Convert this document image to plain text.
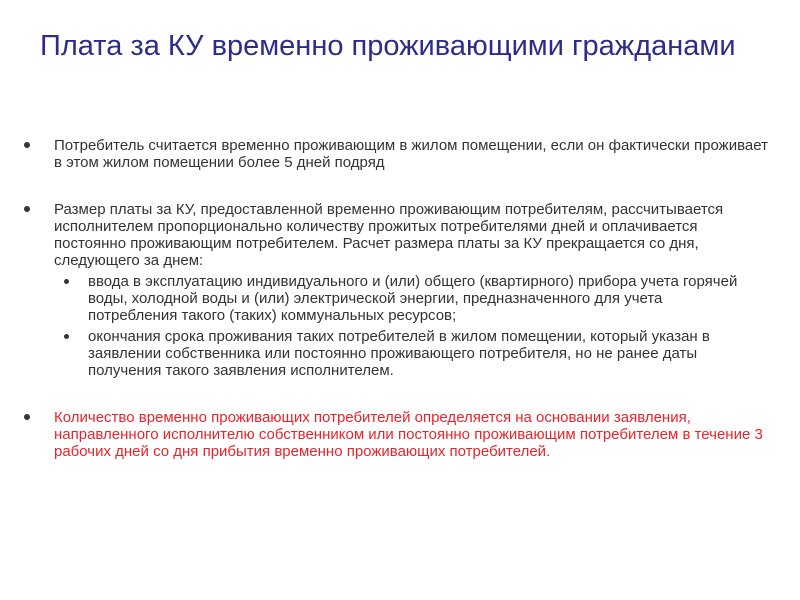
Плата за КУ временно проживающими гражданами
Потребитель считается временно проживающим в жилом помещении, если он фактически проживает в этом жилом помещении более 5 дней подряд
Размер платы за КУ, предоставленной временно проживающим потребителям, рассчитывается исполнителем пропорционально количеству прожитых потребителями дней и оплачивается постоянно проживающим потребителем. Расчет размера платы за КУ прекращается со дня, следующего за днем:
ввода в эксплуатацию индивидуального и (или) общего (квартирного) прибора учета горячей воды, холодной воды и (или) электрической энергии, предназначенного для учета потребления такого (таких) коммунальных ресурсов;
окончания срока проживания таких потребителей в жилом помещении, который указан в заявлении собственника или постоянно проживающего потребителя, но не ранее даты получения такого заявления исполнителем.
Количество временно проживающих потребителей определяется на основании заявления, направленного исполнителю собственником или постоянно проживающим потребителем в течение 3 рабочих дней со дня прибытия временно проживающих потребителей.
